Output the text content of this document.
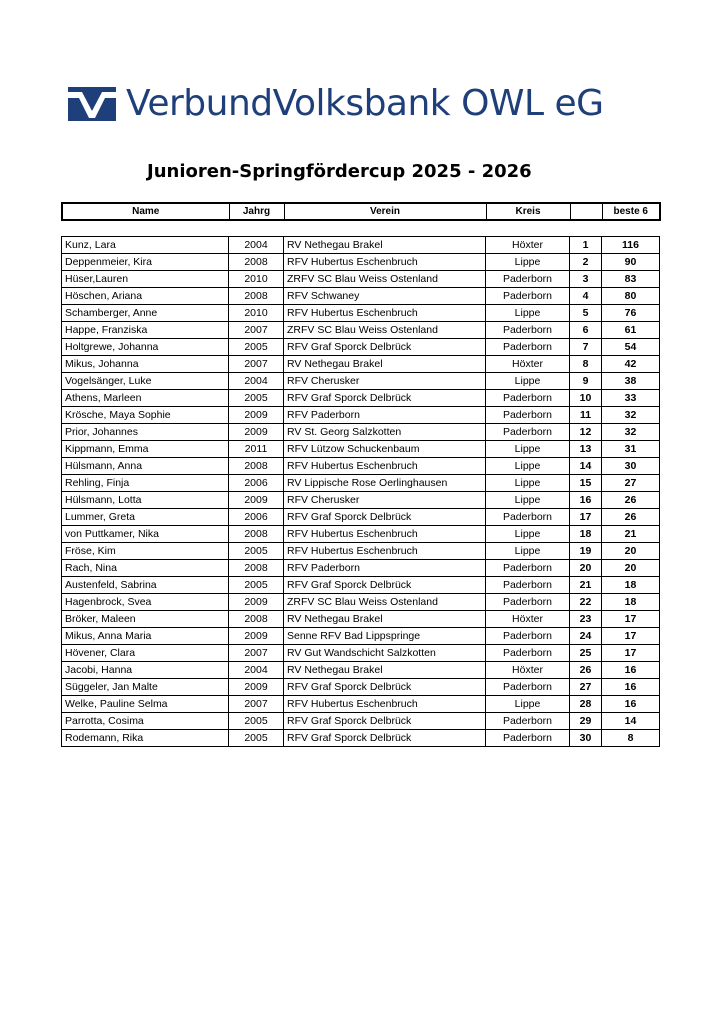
VerbundVolksbank OWL eG
Junioren-Springfördercup 2025 - 2026
Name	Jahrg	Verein	Kreis		beste 6
Kunz, Lara	2004	RV Nethegau Brakel	Höxter	1	116
Deppenmeier, Kira	2008	RFV Hubertus Eschenbruch	Lippe	2	90
Hüser,Lauren	2010	ZRFV SC Blau Weiss Ostenland	Paderborn	3	83
Höschen, Ariana	2008	RFV Schwaney	Paderborn	4	80
Schamberger, Anne	2010	RFV Hubertus Eschenbruch	Lippe	5	76
Happe, Franziska	2007	ZRFV SC Blau Weiss Ostenland	Paderborn	6	61
Holtgrewe, Johanna	2005	RFV Graf Sporck Delbrück	Paderborn	7	54
Mikus, Johanna	2007	RV Nethegau Brakel	Höxter	8	42
Vogelsänger, Luke	2004	RFV Cherusker	Lippe	9	38
Athens, Marleen	2005	RFV Graf Sporck Delbrück	Paderborn	10	33
Krösche, Maya Sophie	2009	RFV Paderborn	Paderborn	11	32
Prior, Johannes	2009	RV St. Georg Salzkotten	Paderborn	12	32
Kippmann, Emma	2011	RFV Lützow Schuckenbaum	Lippe	13	31
Hülsmann, Anna	2008	RFV Hubertus Eschenbruch	Lippe	14	30
Rehling, Finja	2006	RV Lippische Rose Oerlinghausen	Lippe	15	27
Hülsmann, Lotta	2009	RFV Cherusker	Lippe	16	26
Lummer, Greta	2006	RFV Graf Sporck Delbrück	Paderborn	17	26
von Puttkamer, Nika	2008	RFV Hubertus Eschenbruch	Lippe	18	21
Fröse, Kim	2005	RFV Hubertus Eschenbruch	Lippe	19	20
Rach, Nina	2008	RFV Paderborn	Paderborn	20	20
Austenfeld, Sabrina	2005	RFV Graf Sporck Delbrück	Paderborn	21	18
Hagenbrock, Svea	2009	ZRFV SC Blau Weiss Ostenland	Paderborn	22	18
Bröker, Maleen	2008	RV Nethegau Brakel	Höxter	23	17
Mikus, Anna Maria	2009	Senne RFV Bad Lippspringe	Paderborn	24	17
Hövener, Clara	2007	RV Gut Wandschicht Salzkotten	Paderborn	25	17
Jacobi, Hanna	2004	RV Nethegau Brakel	Höxter	26	16
Süggeler, Jan Malte	2009	RFV Graf Sporck Delbrück	Paderborn	27	16
Welke, Pauline Selma	2007	RFV Hubertus Eschenbruch	Lippe	28	16
Parrotta, Cosima	2005	RFV Graf Sporck Delbrück	Paderborn	29	14
Rodemann, Rika	2005	RFV Graf Sporck Delbrück	Paderborn	30	8
